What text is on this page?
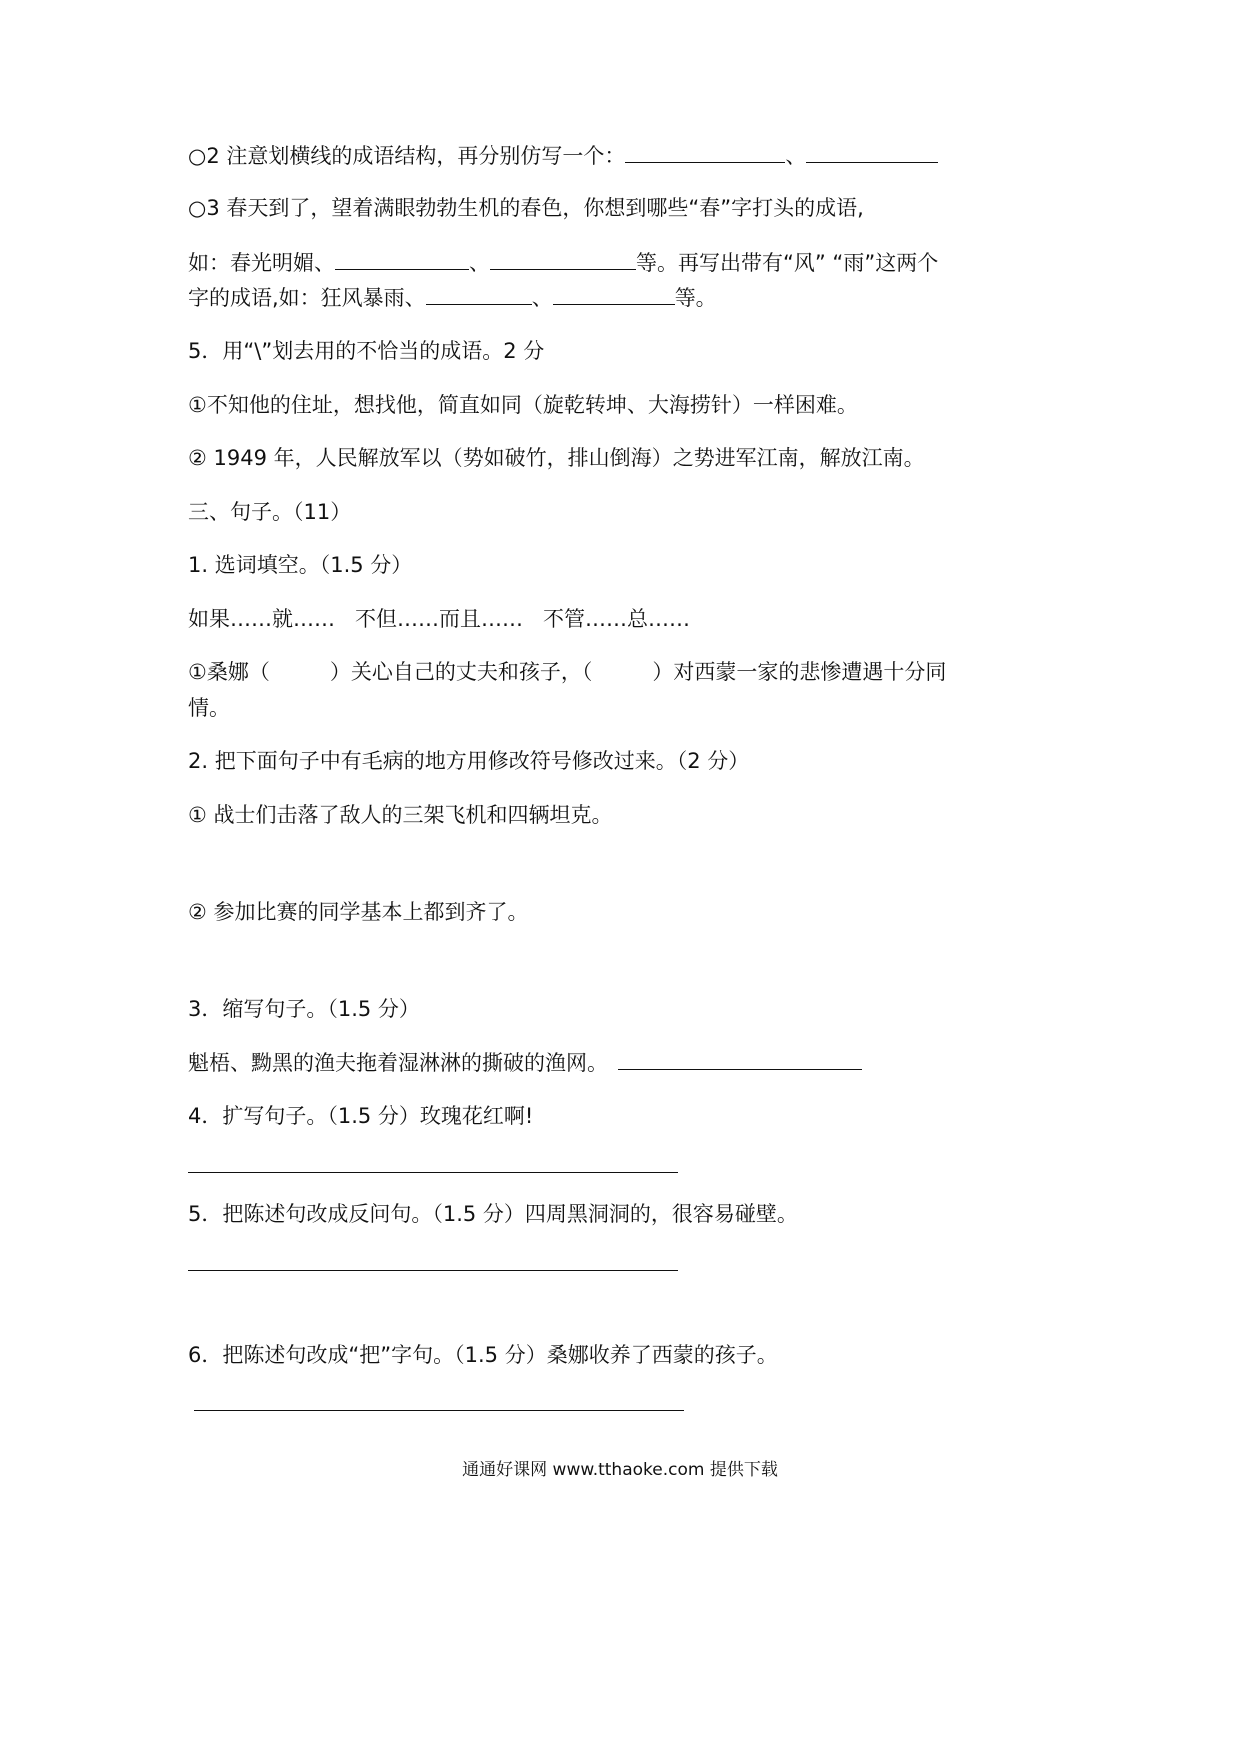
○2 注意划横线的成语结构，再分别仿写一个：	、
○3 春天到了，望着满眼勃勃生机的春色，你想到哪些“春”字打头的成语,
如：春光明媚、	、	等。再写出带有“风” “雨”这两个
字的成语,如：狂风暴雨、	、	等。
5．用“\”划去用的不恰当的成语。2 分
①不知他的住址，想找他，简直如同（旋乾转坤、大海捞针）一样困难。
② 1949 年，人民解放军以（势如破竹，排山倒海）之势进军江南，解放江南。
三、句子。（11）
1. 选词填空。（1.5 分）
如果……就…… 不但……而且…… 不管……总……
①桑娜（	）关心自己的丈夫和孩子，（	）对西蒙一家的悲惨遭遇十分同
情。
2. 把下面句子中有毛病的地方用修改符号修改过来。（2 分）
① 战士们击落了敌人的三架飞机和四辆坦克。
② 参加比赛的同学基本上都到齐了。
3．缩写句子。（1.5 分）
魁梧、黝黑的渔夫拖着湿淋淋的撕破的渔网。
4．扩写句子。（1.5 分）玫瑰花红啊!
5．把陈述句改成反问句。（1.5 分）四周黑洞洞的，很容易碰壁。
6．把陈述句改成“把”字句。（1.5 分）桑娜收养了西蒙的孩子。
通通好课网 www.tthaoke.com 提供下载
